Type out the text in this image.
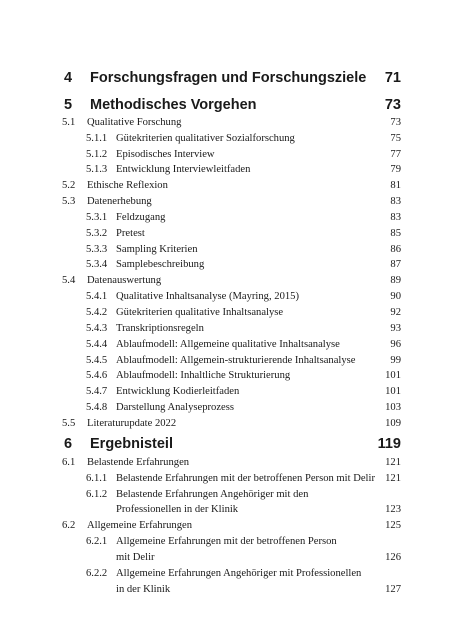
4 Forschungsfragen und Forschungsziele 71
5 Methodisches Vorgehen	73
5.1 Qualitative Forschung	73
5.1.1 Gütekriterien qualitativer Sozialforschung	75
5.1.2 Episodisches Interview	77
5.1.3 Entwicklung Interviewleitfaden	79
5.2 Ethische Reflexion	81
5.3 Datenerhebung	83
5.3.1 Feldzugang	83
5.3.2 Pretest	85
5.3.3 Sampling Kriterien	86
5.3.4 Samplebeschreibung	87
5.4 Datenauswertung	89
5.4.1 Qualitative Inhaltsanalyse (Mayring, 2015)	90
5.4.2 Gütekriterien qualitative Inhaltsanalyse	92
5.4.3 Transkriptionsregeln	93
5.4.4 Ablaufmodell: Allgemeine qualitative Inhaltsanalyse	96
5.4.5 Ablaufmodell: Allgemein-strukturierende Inhaltsanalyse	99
5.4.6 Ablaufmodell: Inhaltliche Strukturierung	101
5.4.7 Entwicklung Kodierleitfaden	101
5.4.8 Darstellung Analyseprozess	103
5.5 Literaturupdate 2022	109
6 Ergebnisteil	119
6.1 Belastende Erfahrungen	121
6.1.1 Belastende Erfahrungen mit der betroffenen Person mit Delir 121
6.1.2 Belastende Erfahrungen Angehöriger mit den
Professionellen in der Klinik	123
6.2 Allgemeine Erfahrungen	125
6.2.1 Allgemeine Erfahrungen mit der betroffenen Person
mit Delir	126
6.2.2 Allgemeine Erfahrungen Angehöriger mit Professionellen
in der Klinik	127
